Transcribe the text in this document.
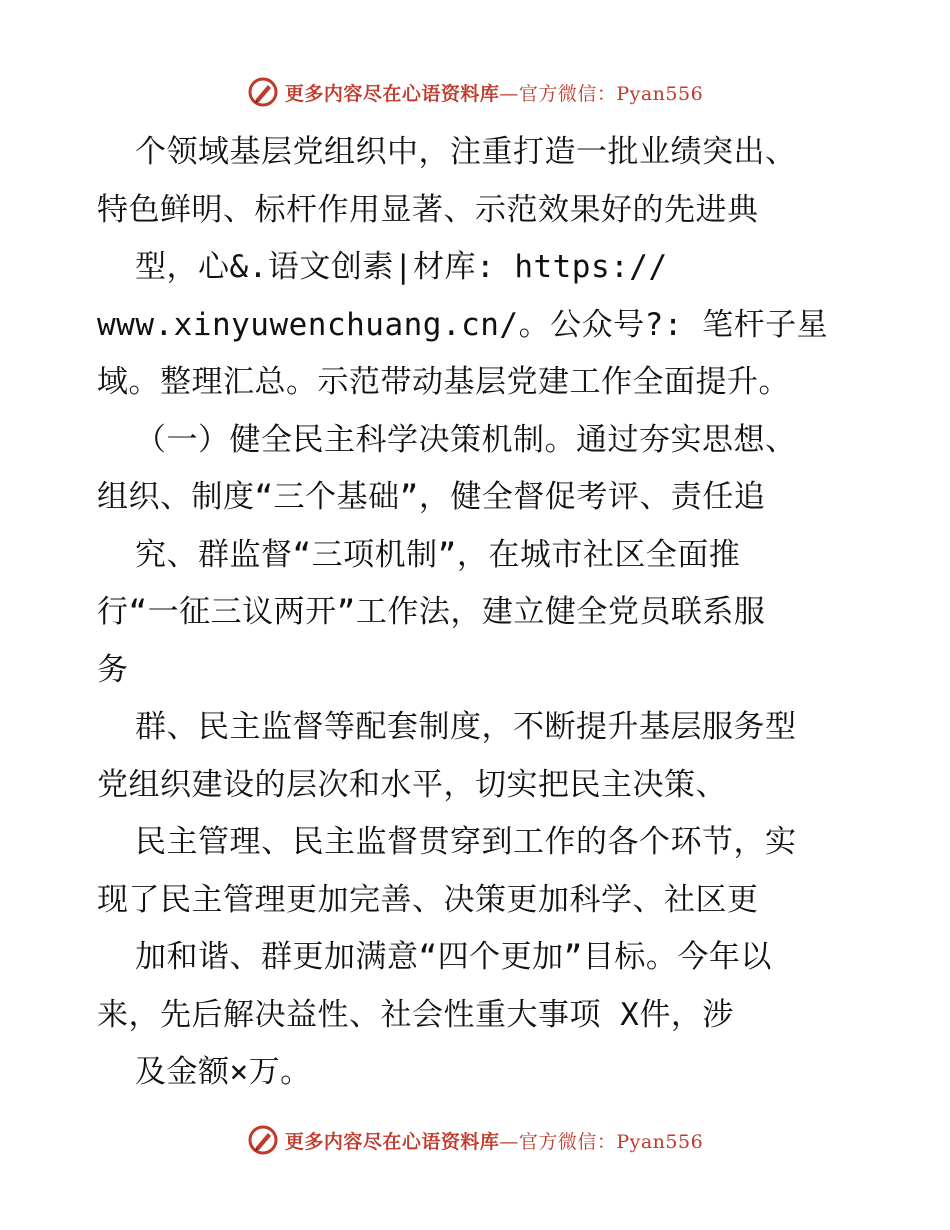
更多内容尽在心语资料库—官方微信：Pyan556
个领域基层党组织中，注重打造一批业绩突出、
特色鲜明、标杆作用显著、示范效果好的先进典
型，心&.语文创素|材库: https://
www.xinyuwenchuang.cn/。公众号?: 笔杆子星
域。整理汇总。示范带动基层党建工作全面提升。
（一）健全民主科学决策机制。通过夯实思想、
组织、制度“三个基础”，健全督促考评、责任追
究、群监督“三项机制”，在城市社区全面推
行“一征三议两开”工作法，建立健全党员联系服
务
群、民主监督等配套制度，不断提升基层服务型
党组织建设的层次和水平，切实把民主决策、
民主管理、民主监督贯穿到工作的各个环节，实
现了民主管理更加完善、决策更加科学、社区更
加和谐、群更加满意“四个更加”目标。今年以
来，先后解决益性、社会性重大事项 X件，涉
及金额×万。
更多内容尽在心语资料库—官方微信：Pyan556
